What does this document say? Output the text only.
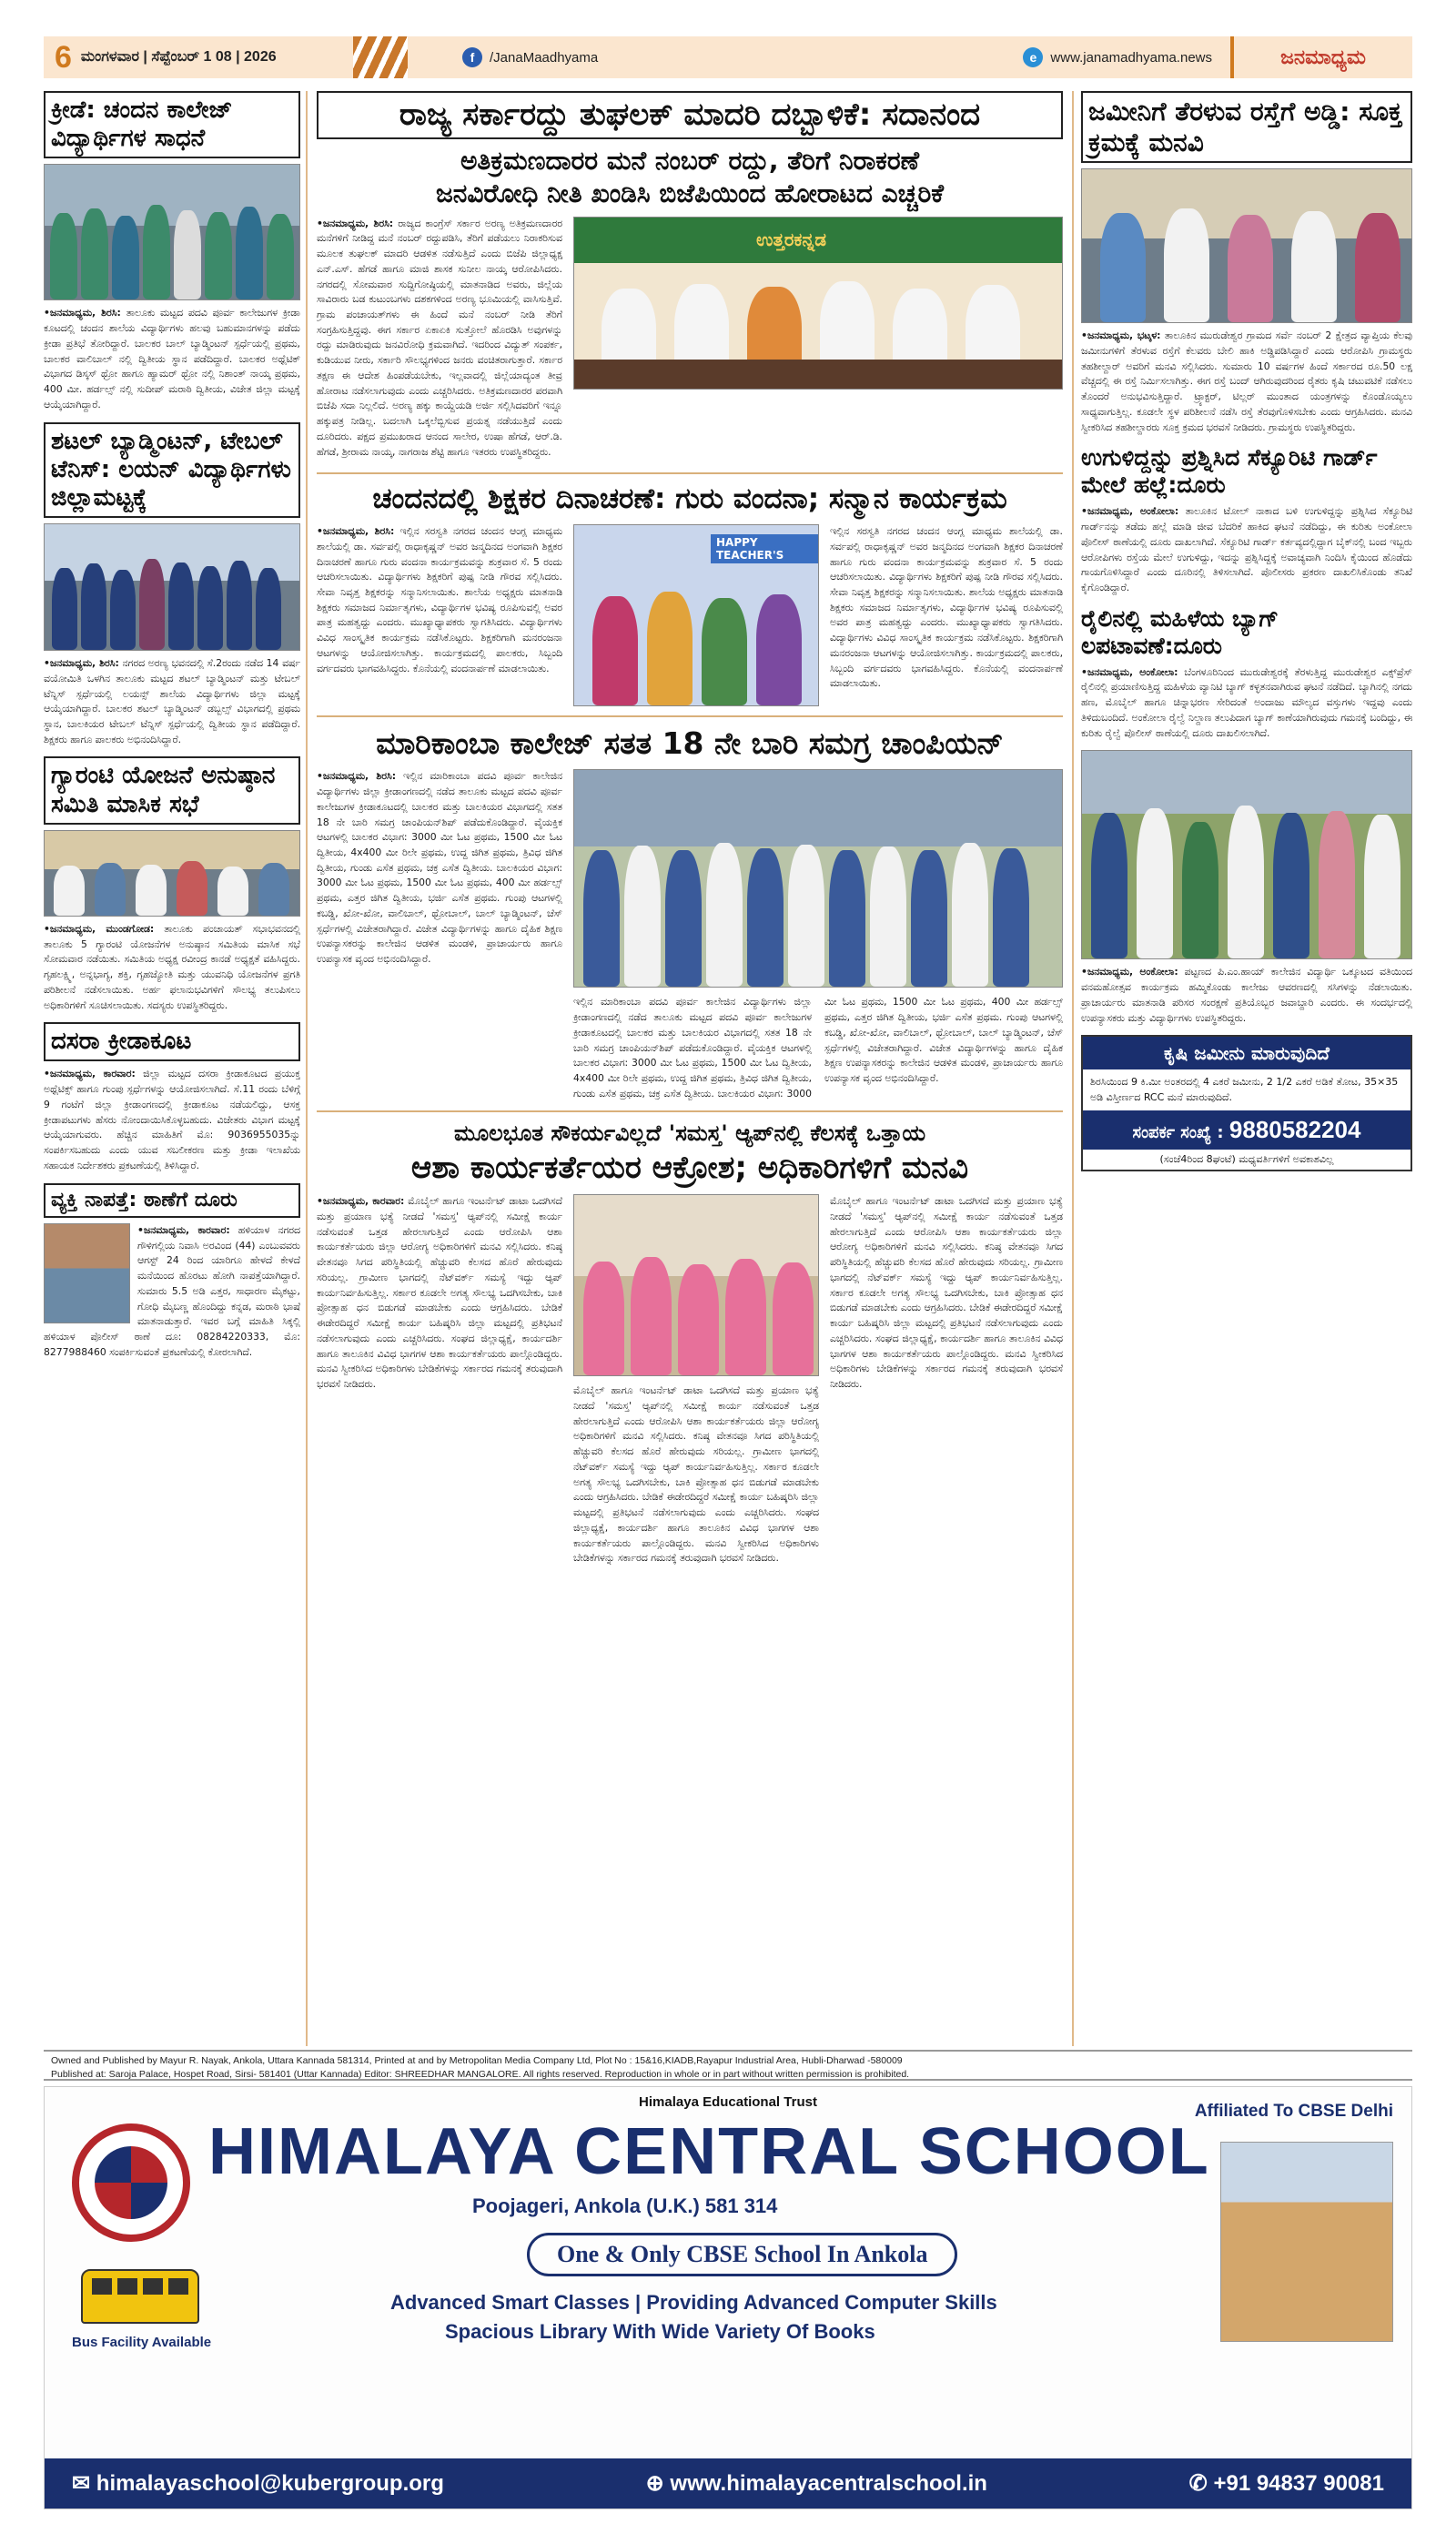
6 ಮಂಗಳವಾರ | ಸೆಪ್ಟೆಂಬರ್ 1 08 | 2026	f	/JanaMaadhyama	e	www.janamadhyama.news	ಜನಮಾಧ್ಯಮ
ಕ್ರೀಡೆ: ಚಂದನ ಕಾಲೇಜ್ ವಿದ್ಯಾರ್ಥಿಗಳ ಸಾಧನೆ

•ಜನಮಾಧ್ಯಮ, ಶಿರಸಿ: ತಾಲೂಕು ಮಟ್ಟದ ಪದವಿ ಪೂರ್ವ ಕಾಲೇಜುಗಳ ಕ್ರೀಡಾ ಕೂಟದಲ್ಲಿ ಚಂದನ ಶಾಲೆಯ ವಿದ್ಯಾರ್ಥಿಗಳು ಹಲವು ಬಹುಮಾನಗಳನ್ನು ಪಡೆದು ಕ್ರೀಡಾ ಪ್ರತಿಭೆ ತೋರಿದ್ದಾರೆ. ಬಾಲಕರ ಬಾಲ್ ಬ್ಯಾಡ್ಮಿಂಟನ್ ಸ್ಪರ್ಧೆಯಲ್ಲಿ ಪ್ರಥಮ, ಬಾಲಕರ ವಾಲಿಬಾಲ್ ನಲ್ಲಿ ದ್ವಿತೀಯ ಸ್ಥಾನ ಪಡೆದಿದ್ದಾರೆ. ಬಾಲಕರ ಅಥ್ಲೆಟಿಕ್ ವಿಭಾಗದ ಡಿಸ್ಕಸ್ ಥ್ರೋ ಹಾಗೂ ಹ್ಯಾಮರ್ ಥ್ರೋ ನಲ್ಲಿ ನಿಶಾಂತ್ ನಾಯ್ಕ ಪ್ರಥಮ, 400 ಮೀ. ಹರ್ಡಲ್ಸ್ ನಲ್ಲಿ ಸುದೀಪ್ ಮರಾಠಿ ದ್ವಿತೀಯ, ವಿಜೇತ ಜಿಲ್ಲಾ ಮಟ್ಟಕ್ಕೆ ಆಯ್ಕೆಯಾಗಿದ್ದಾರೆ.

ಶಟಲ್ ಬ್ಯಾಡ್ಮಿಂಟನ್, ಟೇಬಲ್ ಟೆನಿಸ್: ಲಯನ್ ವಿದ್ಯಾರ್ಥಿಗಳು ಜಿಲ್ಲಾಮಟ್ಟಕ್ಕೆ

•ಜನಮಾಧ್ಯಮ, ಶಿರಸಿ: ನಗರದ ಅರಣ್ಯ ಭವನದಲ್ಲಿ ಸೆ.2ರಂದು ನಡೆದ 14 ವರ್ಷ ವಯೋಮಿತಿ ಒಳಗಿನ ತಾಲೂಕು ಮಟ್ಟದ ಶಟಲ್ ಬ್ಯಾಡ್ಮಿಂಟನ್ ಮತ್ತು ಟೇಬಲ್ ಟೆನ್ನಿಸ್ ಸ್ಪರ್ಧೆಯಲ್ಲಿ ಲಯನ್ಸ್ ಶಾಲೆಯ ವಿದ್ಯಾರ್ಥಿಗಳು ಜಿಲ್ಲಾ ಮಟ್ಟಕ್ಕೆ ಆಯ್ಕೆಯಾಗಿದ್ದಾರೆ. ಬಾಲಕರ ಶಟಲ್ ಬ್ಯಾಡ್ಮಿಂಟನ್ ಡಬ್ಬಲ್ಸ್ ವಿಭಾಗದಲ್ಲಿ ಪ್ರಥಮ ಸ್ಥಾನ, ಬಾಲಕಿಯರ ಟೇಬಲ್ ಟೆನ್ನಿಸ್ ಸ್ಪರ್ಧೆಯಲ್ಲಿ ದ್ವಿತೀಯ ಸ್ಥಾನ ಪಡೆದಿದ್ದಾರೆ. ಶಿಕ್ಷಕರು ಹಾಗೂ ಪಾಲಕರು ಅಭಿನಂದಿಸಿದ್ದಾರೆ.

ಗ್ಯಾರಂಟಿ ಯೋಜನೆ ಅನುಷ್ಠಾನ ಸಮಿತಿ ಮಾಸಿಕ ಸಭೆ

•ಜನಮಾಧ್ಯಮ, ಮುಂಡಗೋಡ: ತಾಲೂಕು ಪಂಚಾಯತ್ ಸಭಾಭವನದಲ್ಲಿ ತಾಲೂಕು 5 ಗ್ಯಾರಂಟಿ ಯೋಜನೆಗಳ ಅನುಷ್ಠಾನ ಸಮಿತಿಯ ಮಾಸಿಕ ಸಭೆ ಸೋಮವಾರ ನಡೆಯಿತು. ಸಮಿತಿಯ ಅಧ್ಯಕ್ಷ ರವೀಂದ್ರ ಕಾನಡೆ ಅಧ್ಯಕ್ಷತೆ ವಹಿಸಿದ್ದರು. ಗೃಹಲಕ್ಷ್ಮಿ, ಅನ್ನಭಾಗ್ಯ, ಶಕ್ತಿ, ಗೃಹಜ್ಯೋತಿ ಮತ್ತು ಯುವನಿಧಿ ಯೋಜನೆಗಳ ಪ್ರಗತಿ ಪರಿಶೀಲನೆ ನಡೆಸಲಾಯಿತು. ಅರ್ಹ ಫಲಾನುಭವಿಗಳಿಗೆ ಸೌಲಭ್ಯ ತಲುಪಿಸಲು ಅಧಿಕಾರಿಗಳಿಗೆ ಸೂಚಿಸಲಾಯಿತು. ಸದಸ್ಯರು ಉಪಸ್ಥಿತರಿದ್ದರು.

ದಸರಾ ಕ್ರೀಡಾಕೂಟ

•ಜನಮಾಧ್ಯಮ, ಕಾರವಾರ: ಜಿಲ್ಲಾ ಮಟ್ಟದ ದಸರಾ ಕ್ರೀಡಾಕೂಟದ ಪ್ರಯುಕ್ತ ಅಥ್ಲೆಟಿಕ್ಸ್ ಹಾಗೂ ಗುಂಪು ಸ್ಪರ್ಧೆಗಳನ್ನು ಆಯೋಜಿಸಲಾಗಿದೆ. ಸೆ.11 ರಂದು ಬೆಳಿಗ್ಗೆ 9 ಗಂಟೆಗೆ ಜಿಲ್ಲಾ ಕ್ರೀಡಾಂಗಣದಲ್ಲಿ ಕ್ರೀಡಾಕೂಟ ನಡೆಯಲಿದ್ದು, ಆಸಕ್ತ ಕ್ರೀಡಾಪಟುಗಳು ಹೆಸರು ನೋಂದಾಯಿಸಿಕೊಳ್ಳಬಹುದು. ವಿಜೇತರು ವಿಭಾಗ ಮಟ್ಟಕ್ಕೆ ಆಯ್ಕೆಯಾಗುವರು. ಹೆಚ್ಚಿನ ಮಾಹಿತಿಗೆ ಮೊ: 9036955035ನ್ನು ಸಂಪರ್ಕಿಸಬಹುದು ಎಂದು ಯುವ ಸಬಲೀಕರಣ ಮತ್ತು ಕ್ರೀಡಾ ಇಲಾಖೆಯ ಸಹಾಯಕ ನಿರ್ದೇಶಕರು ಪ್ರಕಟಣೆಯಲ್ಲಿ ತಿಳಿಸಿದ್ದಾರೆ.

ವ್ಯಕ್ತಿ ನಾಪತ್ತೆ: ಠಾಣೆಗೆ ದೂರು

•ಜನಮಾಧ್ಯಮ, ಕಾರವಾರ: ಹಳಿಯಾಳ ನಗರದ ಗೌಳಿಗಲ್ಲಿಯ ನಿವಾಸಿ ಅರವಿಂದ (44) ಎಂಬುವವರು ಆಗಸ್ಟ್ 24 ರಿಂದ ಯಾರಿಗೂ ಹೇಳದೆ ಕೇಳದೆ ಮನೆಯಿಂದ ಹೊರಟು ಹೋಗಿ ನಾಪತ್ತೆಯಾಗಿದ್ದಾರೆ. ಸುಮಾರು 5.5 ಅಡಿ ಎತ್ತರ, ಸಾಧಾರಣ ಮೈಕಟ್ಟು, ಗೋಧಿ ಮೈಬಣ್ಣ ಹೊಂದಿದ್ದು ಕನ್ನಡ, ಮರಾಠಿ ಭಾಷೆ ಮಾತನಾಡುತ್ತಾರೆ. ಇವರ ಬಗ್ಗೆ ಮಾಹಿತಿ ಸಿಕ್ಕಲ್ಲಿ ಹಳಿಯಾಳ ಪೊಲೀಸ್ ಠಾಣೆ ದೂ: 08284220333, ಮೊ: 8277988460 ಸಂಪರ್ಕಿಸುವಂತೆ ಪ್ರಕಟಣೆಯಲ್ಲಿ ಕೋರಲಾಗಿದೆ.

ರಾಜ್ಯ ಸರ್ಕಾರದ್ದು ತುಘಲಕ್ ಮಾದರಿ ದಬ್ಬಾಳಿಕೆ: ಸದಾನಂದ
ಅತಿಕ್ರಮಣದಾರರ ಮನೆ ನಂಬರ್ ರದ್ದು, ತೆರಿಗೆ ನಿರಾಕರಣೆ
ಜನವಿರೋಧಿ ನೀತಿ ಖಂಡಿಸಿ ಬಿಜೆಪಿಯಿಂದ ಹೋರಾಟದ ಎಚ್ಚರಿಕೆ

•ಜನಮಾಧ್ಯಮ, ಶಿರಸಿ: ರಾಜ್ಯದ ಕಾಂಗ್ರೆಸ್ ಸರ್ಕಾರ ಅರಣ್ಯ ಅತಿಕ್ರಮಣದಾರರ ಮನೆಗಳಿಗೆ ನೀಡಿದ್ದ ಮನೆ ನಂಬರ್ ರದ್ದುಪಡಿಸಿ, ತೆರಿಗೆ ಪಡೆಯಲು ನಿರಾಕರಿಸುವ ಮೂಲಕ ತುಘಲಕ್ ಮಾದರಿ ಆಡಳಿತ ನಡೆಸುತ್ತಿದೆ ಎಂದು ಬಿಜೆಪಿ ಜಿಲ್ಲಾಧ್ಯಕ್ಷ ಎನ್.ಎಸ್. ಹೆಗಡೆ ಹಾಗೂ ಮಾಜಿ ಶಾಸಕ ಸುನೀಲ ನಾಯ್ಕ ಆರೋಪಿಸಿದರು. ನಗರದಲ್ಲಿ ಸೋಮವಾರ ಸುದ್ದಿಗೋಷ್ಠಿಯಲ್ಲಿ ಮಾತನಾಡಿದ ಅವರು, ಜಿಲ್ಲೆಯ ಸಾವಿರಾರು ಬಡ ಕುಟುಂಬಗಳು ದಶಕಗಳಿಂದ ಅರಣ್ಯ ಭೂಮಿಯಲ್ಲಿ ವಾಸಿಸುತ್ತಿವೆ. ಗ್ರಾಮ ಪಂಚಾಯತ್‌ಗಳು ಈ ಹಿಂದೆ ಮನೆ ನಂಬರ್ ನೀಡಿ ತೆರಿಗೆ ಸಂಗ್ರಹಿಸುತ್ತಿದ್ದವು. ಈಗ ಸರ್ಕಾರ ಏಕಾಏಕಿ ಸುತ್ತೋಲೆ ಹೊರಡಿಸಿ ಅವುಗಳನ್ನು ರದ್ದು ಮಾಡಿರುವುದು ಜನವಿರೋಧಿ ಕ್ರಮವಾಗಿದೆ. ಇದರಿಂದ ವಿದ್ಯುತ್ ಸಂಪರ್ಕ, ಕುಡಿಯುವ ನೀರು, ಸರ್ಕಾರಿ ಸೌಲಭ್ಯಗಳಿಂದ ಜನರು ವಂಚಿತರಾಗುತ್ತಾರೆ. ಸರ್ಕಾರ ತಕ್ಷಣ ಈ ಆದೇಶ ಹಿಂಪಡೆಯಬೇಕು, ಇಲ್ಲವಾದಲ್ಲಿ ಜಿಲ್ಲೆಯಾದ್ಯಂತ ತೀವ್ರ ಹೋರಾಟ ನಡೆಸಲಾಗುವುದು ಎಂದು ಎಚ್ಚರಿಸಿದರು. ಅತಿಕ್ರಮಣದಾರರ ಪರವಾಗಿ ಬಿಜೆಪಿ ಸದಾ ನಿಲ್ಲಲಿದೆ. ಅರಣ್ಯ ಹಕ್ಕು ಕಾಯ್ದೆಯಡಿ ಅರ್ಜಿ ಸಲ್ಲಿಸಿದವರಿಗೆ ಇನ್ನೂ ಹಕ್ಕುಪತ್ರ ನೀಡಿಲ್ಲ. ಬದಲಾಗಿ ಒಕ್ಕಲೆಬ್ಬಿಸುವ ಪ್ರಯತ್ನ ನಡೆಯುತ್ತಿದೆ ಎಂದು ದೂರಿದರು. ಪಕ್ಷದ ಪ್ರಮುಖರಾದ ಆನಂದ ಸಾಲೇರ, ಉಷಾ ಹೆಗಡೆ, ಆರ್.ಡಿ. ಹೆಗಡೆ, ಶ್ರೀರಾಮ ನಾಯ್ಕ, ನಾಗರಾಜ ಶೆಟ್ಟಿ ಹಾಗೂ ಇತರರು ಉಪಸ್ಥಿತರಿದ್ದರು.

ಉತ್ತರಕನ್ನಡ
ಚಂದನದಲ್ಲಿ ಶಿಕ್ಷಕರ ದಿನಾಚರಣೆ: ಗುರು ವಂದನಾ; ಸನ್ಮಾನ ಕಾರ್ಯಕ್ರಮ

•ಜನಮಾಧ್ಯಮ, ಶಿರಸಿ: ಇಲ್ಲಿನ ಸರಸ್ವತಿ ನಗರದ ಚಂದನ ಆಂಗ್ಲ ಮಾಧ್ಯಮ ಶಾಲೆಯಲ್ಲಿ ಡಾ. ಸರ್ವಪಲ್ಲಿ ರಾಧಾಕೃಷ್ಣನ್ ಅವರ ಜನ್ಮದಿನದ ಅಂಗವಾಗಿ ಶಿಕ್ಷಕರ ದಿನಾಚರಣೆ ಹಾಗೂ ಗುರು ವಂದನಾ ಕಾರ್ಯಕ್ರಮವನ್ನು ಶುಕ್ರವಾರ ಸೆ. 5 ರಂದು ಆಚರಿಸಲಾಯಿತು. ವಿದ್ಯಾರ್ಥಿಗಳು ಶಿಕ್ಷಕರಿಗೆ ಪುಷ್ಪ ನೀಡಿ ಗೌರವ ಸಲ್ಲಿಸಿದರು. ಸೇವಾ ನಿವೃತ್ತ ಶಿಕ್ಷಕರನ್ನು ಸನ್ಮಾನಿಸಲಾಯಿತು. ಶಾಲೆಯ ಅಧ್ಯಕ್ಷರು ಮಾತನಾಡಿ ಶಿಕ್ಷಕರು ಸಮಾಜದ ನಿರ್ಮಾತೃಗಳು, ವಿದ್ಯಾರ್ಥಿಗಳ ಭವಿಷ್ಯ ರೂಪಿಸುವಲ್ಲಿ ಅವರ ಪಾತ್ರ ಮಹತ್ವದ್ದು ಎಂದರು. ಮುಖ್ಯಾಧ್ಯಾಪಕರು ಸ್ವಾಗತಿಸಿದರು. ವಿದ್ಯಾರ್ಥಿಗಳು ವಿವಿಧ ಸಾಂಸ್ಕೃತಿಕ ಕಾರ್ಯಕ್ರಮ ನಡೆಸಿಕೊಟ್ಟರು. ಶಿಕ್ಷಕರಿಗಾಗಿ ಮನರಂಜನಾ ಆಟಗಳನ್ನು ಆಯೋಜಿಸಲಾಗಿತ್ತು. ಕಾರ್ಯಕ್ರಮದಲ್ಲಿ ಪಾಲಕರು, ಸಿಬ್ಬಂದಿ ವರ್ಗದವರು ಭಾಗವಹಿಸಿದ್ದರು. ಕೊನೆಯಲ್ಲಿ ವಂದನಾರ್ಪಣೆ ಮಾಡಲಾಯಿತು.

HAPPY TEACHER'S

ಇಲ್ಲಿನ ಸರಸ್ವತಿ ನಗರದ ಚಂದನ ಆಂಗ್ಲ ಮಾಧ್ಯಮ ಶಾಲೆಯಲ್ಲಿ ಡಾ. ಸರ್ವಪಲ್ಲಿ ರಾಧಾಕೃಷ್ಣನ್ ಅವರ ಜನ್ಮದಿನದ ಅಂಗವಾಗಿ ಶಿಕ್ಷಕರ ದಿನಾಚರಣೆ ಹಾಗೂ ಗುರು ವಂದನಾ ಕಾರ್ಯಕ್ರಮವನ್ನು ಶುಕ್ರವಾರ ಸೆ. 5 ರಂದು ಆಚರಿಸಲಾಯಿತು. ವಿದ್ಯಾರ್ಥಿಗಳು ಶಿಕ್ಷಕರಿಗೆ ಪುಷ್ಪ ನೀಡಿ ಗೌರವ ಸಲ್ಲಿಸಿದರು. ಸೇವಾ ನಿವೃತ್ತ ಶಿಕ್ಷಕರನ್ನು ಸನ್ಮಾನಿಸಲಾಯಿತು. ಶಾಲೆಯ ಅಧ್ಯಕ್ಷರು ಮಾತನಾಡಿ ಶಿಕ್ಷಕರು ಸಮಾಜದ ನಿರ್ಮಾತೃಗಳು, ವಿದ್ಯಾರ್ಥಿಗಳ ಭವಿಷ್ಯ ರೂಪಿಸುವಲ್ಲಿ ಅವರ ಪಾತ್ರ ಮಹತ್ವದ್ದು ಎಂದರು. ಮುಖ್ಯಾಧ್ಯಾಪಕರು ಸ್ವಾಗತಿಸಿದರು. ವಿದ್ಯಾರ್ಥಿಗಳು ವಿವಿಧ ಸಾಂಸ್ಕೃತಿಕ ಕಾರ್ಯಕ್ರಮ ನಡೆಸಿಕೊಟ್ಟರು. ಶಿಕ್ಷಕರಿಗಾಗಿ ಮನರಂಜನಾ ಆಟಗಳನ್ನು ಆಯೋಜಿಸಲಾಗಿತ್ತು. ಕಾರ್ಯಕ್ರಮದಲ್ಲಿ ಪಾಲಕರು, ಸಿಬ್ಬಂದಿ ವರ್ಗದವರು ಭಾಗವಹಿಸಿದ್ದರು. ಕೊನೆಯಲ್ಲಿ ವಂದನಾರ್ಪಣೆ ಮಾಡಲಾಯಿತು.

ಮಾರಿಕಾಂಬಾ ಕಾಲೇಜ್ ಸತತ 18 ನೇ ಬಾರಿ ಸಮಗ್ರ ಚಾಂಪಿಯನ್

•ಜನಮಾಧ್ಯಮ, ಶಿರಸಿ: ಇಲ್ಲಿನ ಮಾರಿಕಾಂಬಾ ಪದವಿ ಪೂರ್ವ ಕಾಲೇಜಿನ ವಿದ್ಯಾರ್ಥಿಗಳು ಜಿಲ್ಲಾ ಕ್ರೀಡಾಂಗಣದಲ್ಲಿ ನಡೆದ ತಾಲೂಕು ಮಟ್ಟದ ಪದವಿ ಪೂರ್ವ ಕಾಲೇಜುಗಳ ಕ್ರೀಡಾಕೂಟದಲ್ಲಿ ಬಾಲಕರ ಮತ್ತು ಬಾಲಕಿಯರ ವಿಭಾಗದಲ್ಲಿ ಸತತ 18 ನೇ ಬಾರಿ ಸಮಗ್ರ ಚಾಂಪಿಯನ್‌ಶಿಪ್ ಪಡೆದುಕೊಂಡಿದ್ದಾರೆ. ವೈಯಕ್ತಿಕ ಆಟಗಳಲ್ಲಿ ಬಾಲಕರ ವಿಭಾಗ: 3000 ಮೀ ಓಟ ಪ್ರಥಮ, 1500 ಮೀ ಓಟ ದ್ವಿತೀಯ, 4x400 ಮೀ ರಿಲೇ ಪ್ರಥಮ, ಉದ್ದ ಜಿಗಿತ ಪ್ರಥಮ, ತ್ರಿವಿಧ ಜಿಗಿತ ದ್ವಿತೀಯ, ಗುಂಡು ಎಸೆತ ಪ್ರಥಮ, ಚಕ್ರ ಎಸೆತ ದ್ವಿತೀಯ. ಬಾಲಕಿಯರ ವಿಭಾಗ: 3000 ಮೀ ಓಟ ಪ್ರಥಮ, 1500 ಮೀ ಓಟ ಪ್ರಥಮ, 400 ಮೀ ಹರ್ಡಲ್ಸ್ ಪ್ರಥಮ, ಎತ್ತರ ಜಿಗಿತ ದ್ವಿತೀಯ, ಭರ್ಜಿ ಎಸೆತ ಪ್ರಥಮ. ಗುಂಪು ಆಟಗಳಲ್ಲಿ ಕಬಡ್ಡಿ, ಖೋ-ಖೋ, ವಾಲಿಬಾಲ್, ಥ್ರೋಬಾಲ್, ಬಾಲ್ ಬ್ಯಾಡ್ಮಿಂಟನ್, ಚೆಸ್ ಸ್ಪರ್ಧೆಗಳಲ್ಲಿ ವಿಜೇತರಾಗಿದ್ದಾರೆ. ವಿಜೇತ ವಿದ್ಯಾರ್ಥಿಗಳನ್ನು ಹಾಗೂ ದೈಹಿಕ ಶಿಕ್ಷಣ ಉಪನ್ಯಾಸಕರನ್ನು ಕಾಲೇಜಿನ ಆಡಳಿತ ಮಂಡಳಿ, ಪ್ರಾಚಾರ್ಯರು ಹಾಗೂ ಉಪನ್ಯಾಸಕ ವೃಂದ ಅಭಿನಂದಿಸಿದ್ದಾರೆ.

ಇಲ್ಲಿನ ಮಾರಿಕಾಂಬಾ ಪದವಿ ಪೂರ್ವ ಕಾಲೇಜಿನ ವಿದ್ಯಾರ್ಥಿಗಳು ಜಿಲ್ಲಾ ಕ್ರೀಡಾಂಗಣದಲ್ಲಿ ನಡೆದ ತಾಲೂಕು ಮಟ್ಟದ ಪದವಿ ಪೂರ್ವ ಕಾಲೇಜುಗಳ ಕ್ರೀಡಾಕೂಟದಲ್ಲಿ ಬಾಲಕರ ಮತ್ತು ಬಾಲಕಿಯರ ವಿಭಾಗದಲ್ಲಿ ಸತತ 18 ನೇ ಬಾರಿ ಸಮಗ್ರ ಚಾಂಪಿಯನ್‌ಶಿಪ್ ಪಡೆದುಕೊಂಡಿದ್ದಾರೆ. ವೈಯಕ್ತಿಕ ಆಟಗಳಲ್ಲಿ ಬಾಲಕರ ವಿಭಾಗ: 3000 ಮೀ ಓಟ ಪ್ರಥಮ, 1500 ಮೀ ಓಟ ದ್ವಿತೀಯ, 4x400 ಮೀ ರಿಲೇ ಪ್ರಥಮ, ಉದ್ದ ಜಿಗಿತ ಪ್ರಥಮ, ತ್ರಿವಿಧ ಜಿಗಿತ ದ್ವಿತೀಯ, ಗುಂಡು ಎಸೆತ ಪ್ರಥಮ, ಚಕ್ರ ಎಸೆತ ದ್ವಿತೀಯ. ಬಾಲಕಿಯರ ವಿಭಾಗ: 3000 ಮೀ ಓಟ ಪ್ರಥಮ, 1500 ಮೀ ಓಟ ಪ್ರಥಮ, 400 ಮೀ ಹರ್ಡಲ್ಸ್ ಪ್ರಥಮ, ಎತ್ತರ ಜಿಗಿತ ದ್ವಿತೀಯ, ಭರ್ಜಿ ಎಸೆತ ಪ್ರಥಮ. ಗುಂಪು ಆಟಗಳಲ್ಲಿ ಕಬಡ್ಡಿ, ಖೋ-ಖೋ, ವಾಲಿಬಾಲ್, ಥ್ರೋಬಾಲ್, ಬಾಲ್ ಬ್ಯಾಡ್ಮಿಂಟನ್, ಚೆಸ್ ಸ್ಪರ್ಧೆಗಳಲ್ಲಿ ವಿಜೇತರಾಗಿದ್ದಾರೆ. ವಿಜೇತ ವಿದ್ಯಾರ್ಥಿಗಳನ್ನು ಹಾಗೂ ದೈಹಿಕ ಶಿಕ್ಷಣ ಉಪನ್ಯಾಸಕರನ್ನು ಕಾಲೇಜಿನ ಆಡಳಿತ ಮಂಡಳಿ, ಪ್ರಾಚಾರ್ಯರು ಹಾಗೂ ಉಪನ್ಯಾಸಕ ವೃಂದ ಅಭಿನಂದಿಸಿದ್ದಾರೆ.

ಮೂಲಭೂತ ಸೌಕರ್ಯವಿಲ್ಲದೆ 'ಸಮಸ್ತ' ಆ್ಯಪ್‌ನಲ್ಲಿ ಕೆಲಸಕ್ಕೆ ಒತ್ತಾಯ
ಆಶಾ ಕಾರ್ಯಕರ್ತೆಯರ ಆಕ್ರೋಶ; ಅಧಿಕಾರಿಗಳಿಗೆ ಮನವಿ

•ಜನಮಾಧ್ಯಮ, ಕಾರವಾರ: ಮೊಬೈಲ್ ಹಾಗೂ ಇಂಟರ್ನೆಟ್ ಡಾಟಾ ಒದಗಿಸದೆ ಮತ್ತು ಪ್ರಯಾಣ ಭತ್ಯೆ ನೀಡದೆ 'ಸಮಸ್ತ' ಆ್ಯಪ್‌ನಲ್ಲಿ ಸಮೀಕ್ಷೆ ಕಾರ್ಯ ನಡೆಸುವಂತೆ ಒತ್ತಡ ಹೇರಲಾಗುತ್ತಿದೆ ಎಂದು ಆರೋಪಿಸಿ ಆಶಾ ಕಾರ್ಯಕರ್ತೆಯರು ಜಿಲ್ಲಾ ಆರೋಗ್ಯ ಅಧಿಕಾರಿಗಳಿಗೆ ಮನವಿ ಸಲ್ಲಿಸಿದರು. ಕನಿಷ್ಠ ವೇತನವೂ ಸಿಗದ ಪರಿಸ್ಥಿತಿಯಲ್ಲಿ ಹೆಚ್ಚುವರಿ ಕೆಲಸದ ಹೊರೆ ಹೇರುವುದು ಸರಿಯಲ್ಲ. ಗ್ರಾಮೀಣ ಭಾಗದಲ್ಲಿ ನೆಟ್‌ವರ್ಕ್ ಸಮಸ್ಯೆ ಇದ್ದು ಆ್ಯಪ್ ಕಾರ್ಯನಿರ್ವಹಿಸುತ್ತಿಲ್ಲ. ಸರ್ಕಾರ ಕೂಡಲೇ ಅಗತ್ಯ ಸೌಲಭ್ಯ ಒದಗಿಸಬೇಕು, ಬಾಕಿ ಪ್ರೋತ್ಸಾಹ ಧನ ಬಿಡುಗಡೆ ಮಾಡಬೇಕು ಎಂದು ಆಗ್ರಹಿಸಿದರು. ಬೇಡಿಕೆ ಈಡೇರದಿದ್ದರೆ ಸಮೀಕ್ಷೆ ಕಾರ್ಯ ಬಹಿಷ್ಕರಿಸಿ ಜಿಲ್ಲಾ ಮಟ್ಟದಲ್ಲಿ ಪ್ರತಿಭಟನೆ ನಡೆಸಲಾಗುವುದು ಎಂದು ಎಚ್ಚರಿಸಿದರು. ಸಂಘದ ಜಿಲ್ಲಾಧ್ಯಕ್ಷೆ, ಕಾರ್ಯದರ್ಶಿ ಹಾಗೂ ತಾಲೂಕಿನ ವಿವಿಧ ಭಾಗಗಳ ಆಶಾ ಕಾರ್ಯಕರ್ತೆಯರು ಪಾಲ್ಗೊಂಡಿದ್ದರು. ಮನವಿ ಸ್ವೀಕರಿಸಿದ ಅಧಿಕಾರಿಗಳು ಬೇಡಿಕೆಗಳನ್ನು ಸರ್ಕಾರದ ಗಮನಕ್ಕೆ ತರುವುದಾಗಿ ಭರವಸೆ ನೀಡಿದರು.

ಮೊಬೈಲ್ ಹಾಗೂ ಇಂಟರ್ನೆಟ್ ಡಾಟಾ ಒದಗಿಸದೆ ಮತ್ತು ಪ್ರಯಾಣ ಭತ್ಯೆ ನೀಡದೆ 'ಸಮಸ್ತ' ಆ್ಯಪ್‌ನಲ್ಲಿ ಸಮೀಕ್ಷೆ ಕಾರ್ಯ ನಡೆಸುವಂತೆ ಒತ್ತಡ ಹೇರಲಾಗುತ್ತಿದೆ ಎಂದು ಆರೋಪಿಸಿ ಆಶಾ ಕಾರ್ಯಕರ್ತೆಯರು ಜಿಲ್ಲಾ ಆರೋಗ್ಯ ಅಧಿಕಾರಿಗಳಿಗೆ ಮನವಿ ಸಲ್ಲಿಸಿದರು. ಕನಿಷ್ಠ ವೇತನವೂ ಸಿಗದ ಪರಿಸ್ಥಿತಿಯಲ್ಲಿ ಹೆಚ್ಚುವರಿ ಕೆಲಸದ ಹೊರೆ ಹೇರುವುದು ಸರಿಯಲ್ಲ. ಗ್ರಾಮೀಣ ಭಾಗದಲ್ಲಿ ನೆಟ್‌ವರ್ಕ್ ಸಮಸ್ಯೆ ಇದ್ದು ಆ್ಯಪ್ ಕಾರ್ಯನಿರ್ವಹಿಸುತ್ತಿಲ್ಲ. ಸರ್ಕಾರ ಕೂಡಲೇ ಅಗತ್ಯ ಸೌಲಭ್ಯ ಒದಗಿಸಬೇಕು, ಬಾಕಿ ಪ್ರೋತ್ಸಾಹ ಧನ ಬಿಡುಗಡೆ ಮಾಡಬೇಕು ಎಂದು ಆಗ್ರಹಿಸಿದರು. ಬೇಡಿಕೆ ಈಡೇರದಿದ್ದರೆ ಸಮೀಕ್ಷೆ ಕಾರ್ಯ ಬಹಿಷ್ಕರಿಸಿ ಜಿಲ್ಲಾ ಮಟ್ಟದಲ್ಲಿ ಪ್ರತಿಭಟನೆ ನಡೆಸಲಾಗುವುದು ಎಂದು ಎಚ್ಚರಿಸಿದರು. ಸಂಘದ ಜಿಲ್ಲಾಧ್ಯಕ್ಷೆ, ಕಾರ್ಯದರ್ಶಿ ಹಾಗೂ ತಾಲೂಕಿನ ವಿವಿಧ ಭಾಗಗಳ ಆಶಾ ಕಾರ್ಯಕರ್ತೆಯರು ಪಾಲ್ಗೊಂಡಿದ್ದರು. ಮನವಿ ಸ್ವೀಕರಿಸಿದ ಅಧಿಕಾರಿಗಳು ಬೇಡಿಕೆಗಳನ್ನು ಸರ್ಕಾರದ ಗಮನಕ್ಕೆ ತರುವುದಾಗಿ ಭರವಸೆ ನೀಡಿದರು.

ಮೊಬೈಲ್ ಹಾಗೂ ಇಂಟರ್ನೆಟ್ ಡಾಟಾ ಒದಗಿಸದೆ ಮತ್ತು ಪ್ರಯಾಣ ಭತ್ಯೆ ನೀಡದೆ 'ಸಮಸ್ತ' ಆ್ಯಪ್‌ನಲ್ಲಿ ಸಮೀಕ್ಷೆ ಕಾರ್ಯ ನಡೆಸುವಂತೆ ಒತ್ತಡ ಹೇರಲಾಗುತ್ತಿದೆ ಎಂದು ಆರೋಪಿಸಿ ಆಶಾ ಕಾರ್ಯಕರ್ತೆಯರು ಜಿಲ್ಲಾ ಆರೋಗ್ಯ ಅಧಿಕಾರಿಗಳಿಗೆ ಮನವಿ ಸಲ್ಲಿಸಿದರು. ಕನಿಷ್ಠ ವೇತನವೂ ಸಿಗದ ಪರಿಸ್ಥಿತಿಯಲ್ಲಿ ಹೆಚ್ಚುವರಿ ಕೆಲಸದ ಹೊರೆ ಹೇರುವುದು ಸರಿಯಲ್ಲ. ಗ್ರಾಮೀಣ ಭಾಗದಲ್ಲಿ ನೆಟ್‌ವರ್ಕ್ ಸಮಸ್ಯೆ ಇದ್ದು ಆ್ಯಪ್ ಕಾರ್ಯನಿರ್ವಹಿಸುತ್ತಿಲ್ಲ. ಸರ್ಕಾರ ಕೂಡಲೇ ಅಗತ್ಯ ಸೌಲಭ್ಯ ಒದಗಿಸಬೇಕು, ಬಾಕಿ ಪ್ರೋತ್ಸಾಹ ಧನ ಬಿಡುಗಡೆ ಮಾಡಬೇಕು ಎಂದು ಆಗ್ರಹಿಸಿದರು. ಬೇಡಿಕೆ ಈಡೇರದಿದ್ದರೆ ಸಮೀಕ್ಷೆ ಕಾರ್ಯ ಬಹಿಷ್ಕರಿಸಿ ಜಿಲ್ಲಾ ಮಟ್ಟದಲ್ಲಿ ಪ್ರತಿಭಟನೆ ನಡೆಸಲಾಗುವುದು ಎಂದು ಎಚ್ಚರಿಸಿದರು. ಸಂಘದ ಜಿಲ್ಲಾಧ್ಯಕ್ಷೆ, ಕಾರ್ಯದರ್ಶಿ ಹಾಗೂ ತಾಲೂಕಿನ ವಿವಿಧ ಭಾಗಗಳ ಆಶಾ ಕಾರ್ಯಕರ್ತೆಯರು ಪಾಲ್ಗೊಂಡಿದ್ದರು. ಮನವಿ ಸ್ವೀಕರಿಸಿದ ಅಧಿಕಾರಿಗಳು ಬೇಡಿಕೆಗಳನ್ನು ಸರ್ಕಾರದ ಗಮನಕ್ಕೆ ತರುವುದಾಗಿ ಭರವಸೆ ನೀಡಿದರು.

ಜಮೀನಿಗೆ ತೆರಳುವ ರಸ್ತೆಗೆ ಅಡ್ಡಿ: ಸೂಕ್ತ ಕ್ರಮಕ್ಕೆ ಮನವಿ

•ಜನಮಾಧ್ಯಮ, ಭಟ್ಕಳ: ತಾಲೂಕಿನ ಮುರುಡೇಶ್ವರ ಗ್ರಾಮದ ಸರ್ವೆ ನಂಬರ್ 2 ಕ್ಷೇತ್ರದ ವ್ಯಾಪ್ತಿಯ ಕೆಲವು ಜಮೀನುಗಳಿಗೆ ತೆರಳುವ ರಸ್ತೆಗೆ ಕೆಲವರು ಬೇಲಿ ಹಾಕಿ ಅಡ್ಡಿಪಡಿಸಿದ್ದಾರೆ ಎಂದು ಆರೋಪಿಸಿ ಗ್ರಾಮಸ್ಥರು ತಹಶೀಲ್ದಾರ್ ಅವರಿಗೆ ಮನವಿ ಸಲ್ಲಿಸಿದರು. ಸುಮಾರು 10 ವರ್ಷಗಳ ಹಿಂದೆ ಸರ್ಕಾರದ ರೂ.50 ಲಕ್ಷ ವೆಚ್ಚದಲ್ಲಿ ಈ ರಸ್ತೆ ನಿರ್ಮಿಸಲಾಗಿತ್ತು. ಈಗ ರಸ್ತೆ ಬಂದ್ ಆಗಿರುವುದರಿಂದ ರೈತರು ಕೃಷಿ ಚಟುವಟಿಕೆ ನಡೆಸಲು ತೊಂದರೆ ಅನುಭವಿಸುತ್ತಿದ್ದಾರೆ. ಟ್ರ್ಯಾಕ್ಟರ್, ಟಿಲ್ಲರ್ ಮುಂತಾದ ಯಂತ್ರಗಳನ್ನು ಕೊಂಡೊಯ್ಯಲು ಸಾಧ್ಯವಾಗುತ್ತಿಲ್ಲ. ಕೂಡಲೇ ಸ್ಥಳ ಪರಿಶೀಲನೆ ನಡೆಸಿ ರಸ್ತೆ ತೆರವುಗೊಳಿಸಬೇಕು ಎಂದು ಆಗ್ರಹಿಸಿದರು. ಮನವಿ ಸ್ವೀಕರಿಸಿದ ತಹಶೀಲ್ದಾರರು ಸೂಕ್ತ ಕ್ರಮದ ಭರವಸೆ ನೀಡಿದರು. ಗ್ರಾಮಸ್ಥರು ಉಪಸ್ಥಿತರಿದ್ದರು.

ಉಗುಳಿದ್ದನ್ನು ಪ್ರಶ್ನಿಸಿದ ಸೆಕ್ಯೂರಿಟಿ ಗಾರ್ಡ್ ಮೇಲೆ ಹಲ್ಲೆ:ದೂರು

•ಜನಮಾಧ್ಯಮ, ಅಂಕೋಲಾ: ತಾಲೂಕಿನ ಟೋಲ್ ನಾಕಾದ ಬಳಿ ಉಗುಳಿದ್ದನ್ನು ಪ್ರಶ್ನಿಸಿದ ಸೆಕ್ಯೂರಿಟಿ ಗಾರ್ಡ್‌ನನ್ನು ತಡೆದು ಹಲ್ಲೆ ಮಾಡಿ ಜೀವ ಬೆದರಿಕೆ ಹಾಕಿದ ಘಟನೆ ನಡೆದಿದ್ದು, ಈ ಕುರಿತು ಅಂಕೋಲಾ ಪೊಲೀಸ್ ಠಾಣೆಯಲ್ಲಿ ದೂರು ದಾಖಲಾಗಿದೆ. ಸೆಕ್ಯೂರಿಟಿ ಗಾರ್ಡ್ ಕರ್ತವ್ಯದಲ್ಲಿದ್ದಾಗ ಬೈಕ್‌ನಲ್ಲಿ ಬಂದ ಇಬ್ಬರು ಆರೋಪಿಗಳು ರಸ್ತೆಯ ಮೇಲೆ ಉಗುಳಿದ್ದು, ಇದನ್ನು ಪ್ರಶ್ನಿಸಿದ್ದಕ್ಕೆ ಅವಾಚ್ಯವಾಗಿ ನಿಂದಿಸಿ ಕೈಯಿಂದ ಹೊಡೆದು ಗಾಯಗೊಳಿಸಿದ್ದಾರೆ ಎಂದು ದೂರಿನಲ್ಲಿ ತಿಳಿಸಲಾಗಿದೆ. ಪೊಲೀಸರು ಪ್ರಕರಣ ದಾಖಲಿಸಿಕೊಂಡು ತನಿಖೆ ಕೈಗೊಂಡಿದ್ದಾರೆ.

ರೈಲಿನಲ್ಲಿ ಮಹಿಳೆಯ ಬ್ಯಾಗ್ ಲಪಟಾವಣೆ:ದೂರು

•ಜನಮಾಧ್ಯಮ, ಅಂಕೋಲಾ: ಬೆಂಗಳೂರಿನಿಂದ ಮುರುಡೇಶ್ವರಕ್ಕೆ ತೆರಳುತ್ತಿದ್ದ ಮುರುಡೇಶ್ವರ ಎಕ್ಸ್‌ಪ್ರೆಸ್ ರೈಲಿನಲ್ಲಿ ಪ್ರಯಾಣಿಸುತ್ತಿದ್ದ ಮಹಿಳೆಯ ವ್ಯಾನಿಟಿ ಬ್ಯಾಗ್ ಕಳ್ಳತನವಾಗಿರುವ ಘಟನೆ ನಡೆದಿದೆ. ಬ್ಯಾಗಿನಲ್ಲಿ ನಗದು ಹಣ, ಮೊಬೈಲ್ ಹಾಗೂ ಚಿನ್ನಾಭರಣ ಸೇರಿದಂತೆ ಅಂದಾಜು ಮೌಲ್ಯದ ವಸ್ತುಗಳು ಇದ್ದವು ಎಂದು ತಿಳಿದುಬಂದಿದೆ. ಅಂಕೋಲಾ ರೈಲ್ವೆ ನಿಲ್ದಾಣ ತಲುಪಿದಾಗ ಬ್ಯಾಗ್ ಕಾಣೆಯಾಗಿರುವುದು ಗಮನಕ್ಕೆ ಬಂದಿದ್ದು, ಈ ಕುರಿತು ರೈಲ್ವೆ ಪೊಲೀಸ್ ಠಾಣೆಯಲ್ಲಿ ದೂರು ದಾಖಲಿಸಲಾಗಿದೆ.

•ಜನಮಾಧ್ಯಮ, ಅಂಕೋಲಾ: ಪಟ್ಟಣದ ಪಿ.ಎಂ.ಹಾಯ್ ಕಾಲೇಜಿನ ವಿದ್ಯಾರ್ಥಿ ಒಕ್ಕೂಟದ ವತಿಯಿಂದ ವನಮಹೋತ್ಸವ ಕಾರ್ಯಕ್ರಮ ಹಮ್ಮಿಕೊಂಡು ಕಾಲೇಜು ಆವರಣದಲ್ಲಿ ಸಸಿಗಳನ್ನು ನೆಡಲಾಯಿತು. ಪ್ರಾಚಾರ್ಯರು ಮಾತನಾಡಿ ಪರಿಸರ ಸಂರಕ್ಷಣೆ ಪ್ರತಿಯೊಬ್ಬರ ಜವಾಬ್ದಾರಿ ಎಂದರು. ಈ ಸಂದರ್ಭದಲ್ಲಿ ಉಪನ್ಯಾಸಕರು ಮತ್ತು ವಿದ್ಯಾರ್ಥಿಗಳು ಉಪಸ್ಥಿತರಿದ್ದರು.

ಕೃಷಿ ಜಮೀನು ಮಾರುವುದಿದೆ
ಶಿರಸಿಯಿಂದ 9 ಕಿ.ಮೀ ಅಂತರದಲ್ಲಿ 4 ಎಕರೆ ಜಮೀನು, 2 1/2 ಎಕರೆ ಅಡಿಕೆ ತೋಟ, 35×35 ಅಡಿ ವಿಸ್ತೀರ್ಣದ RCC ಮನೆ ಮಾರುವುದಿದೆ.
ಸಂಪರ್ಕ ಸಂಖ್ಯೆ : 9880582204
(ಸಂಜೆ4ರಿಂದ 8ಘಂಟೆ) ಮಧ್ಯವರ್ತಿಗಳಿಗೆ ಅವಕಾಶವಿಲ್ಲ
Owned and Published by Mayur R. Nayak, Ankola, Uttara Kannada 581314, Printed at and by Metropolitan Media Company Ltd, Plot No : 15&16,KIADB,Rayapur Industrial Area, Hubli-Dharwad -580009
Published at: Saroja Palace, Hospet Road, Sirsi- 581401 (Uttar Kannada) Editor: SHREEDHAR MANGALORE. All rights reserved. Reproduction in whole or in part without written permission is prohibited.
Himalaya Educational Trust	Affiliated To CBSE Delhi
HIMALAYA CENTRAL SCHOOL
Poojageri, Ankola (U.K.) 581 314
One & Only CBSE School In Ankola
Advanced Smart Classes | Providing Advanced Computer Skills
Spacious Library With Wide Variety Of Books
Bus Facility Available
✉ himalayaschool@kubergroup.org	⊕ www.himalayacentralschool.in	✆ +91 94837 90081
